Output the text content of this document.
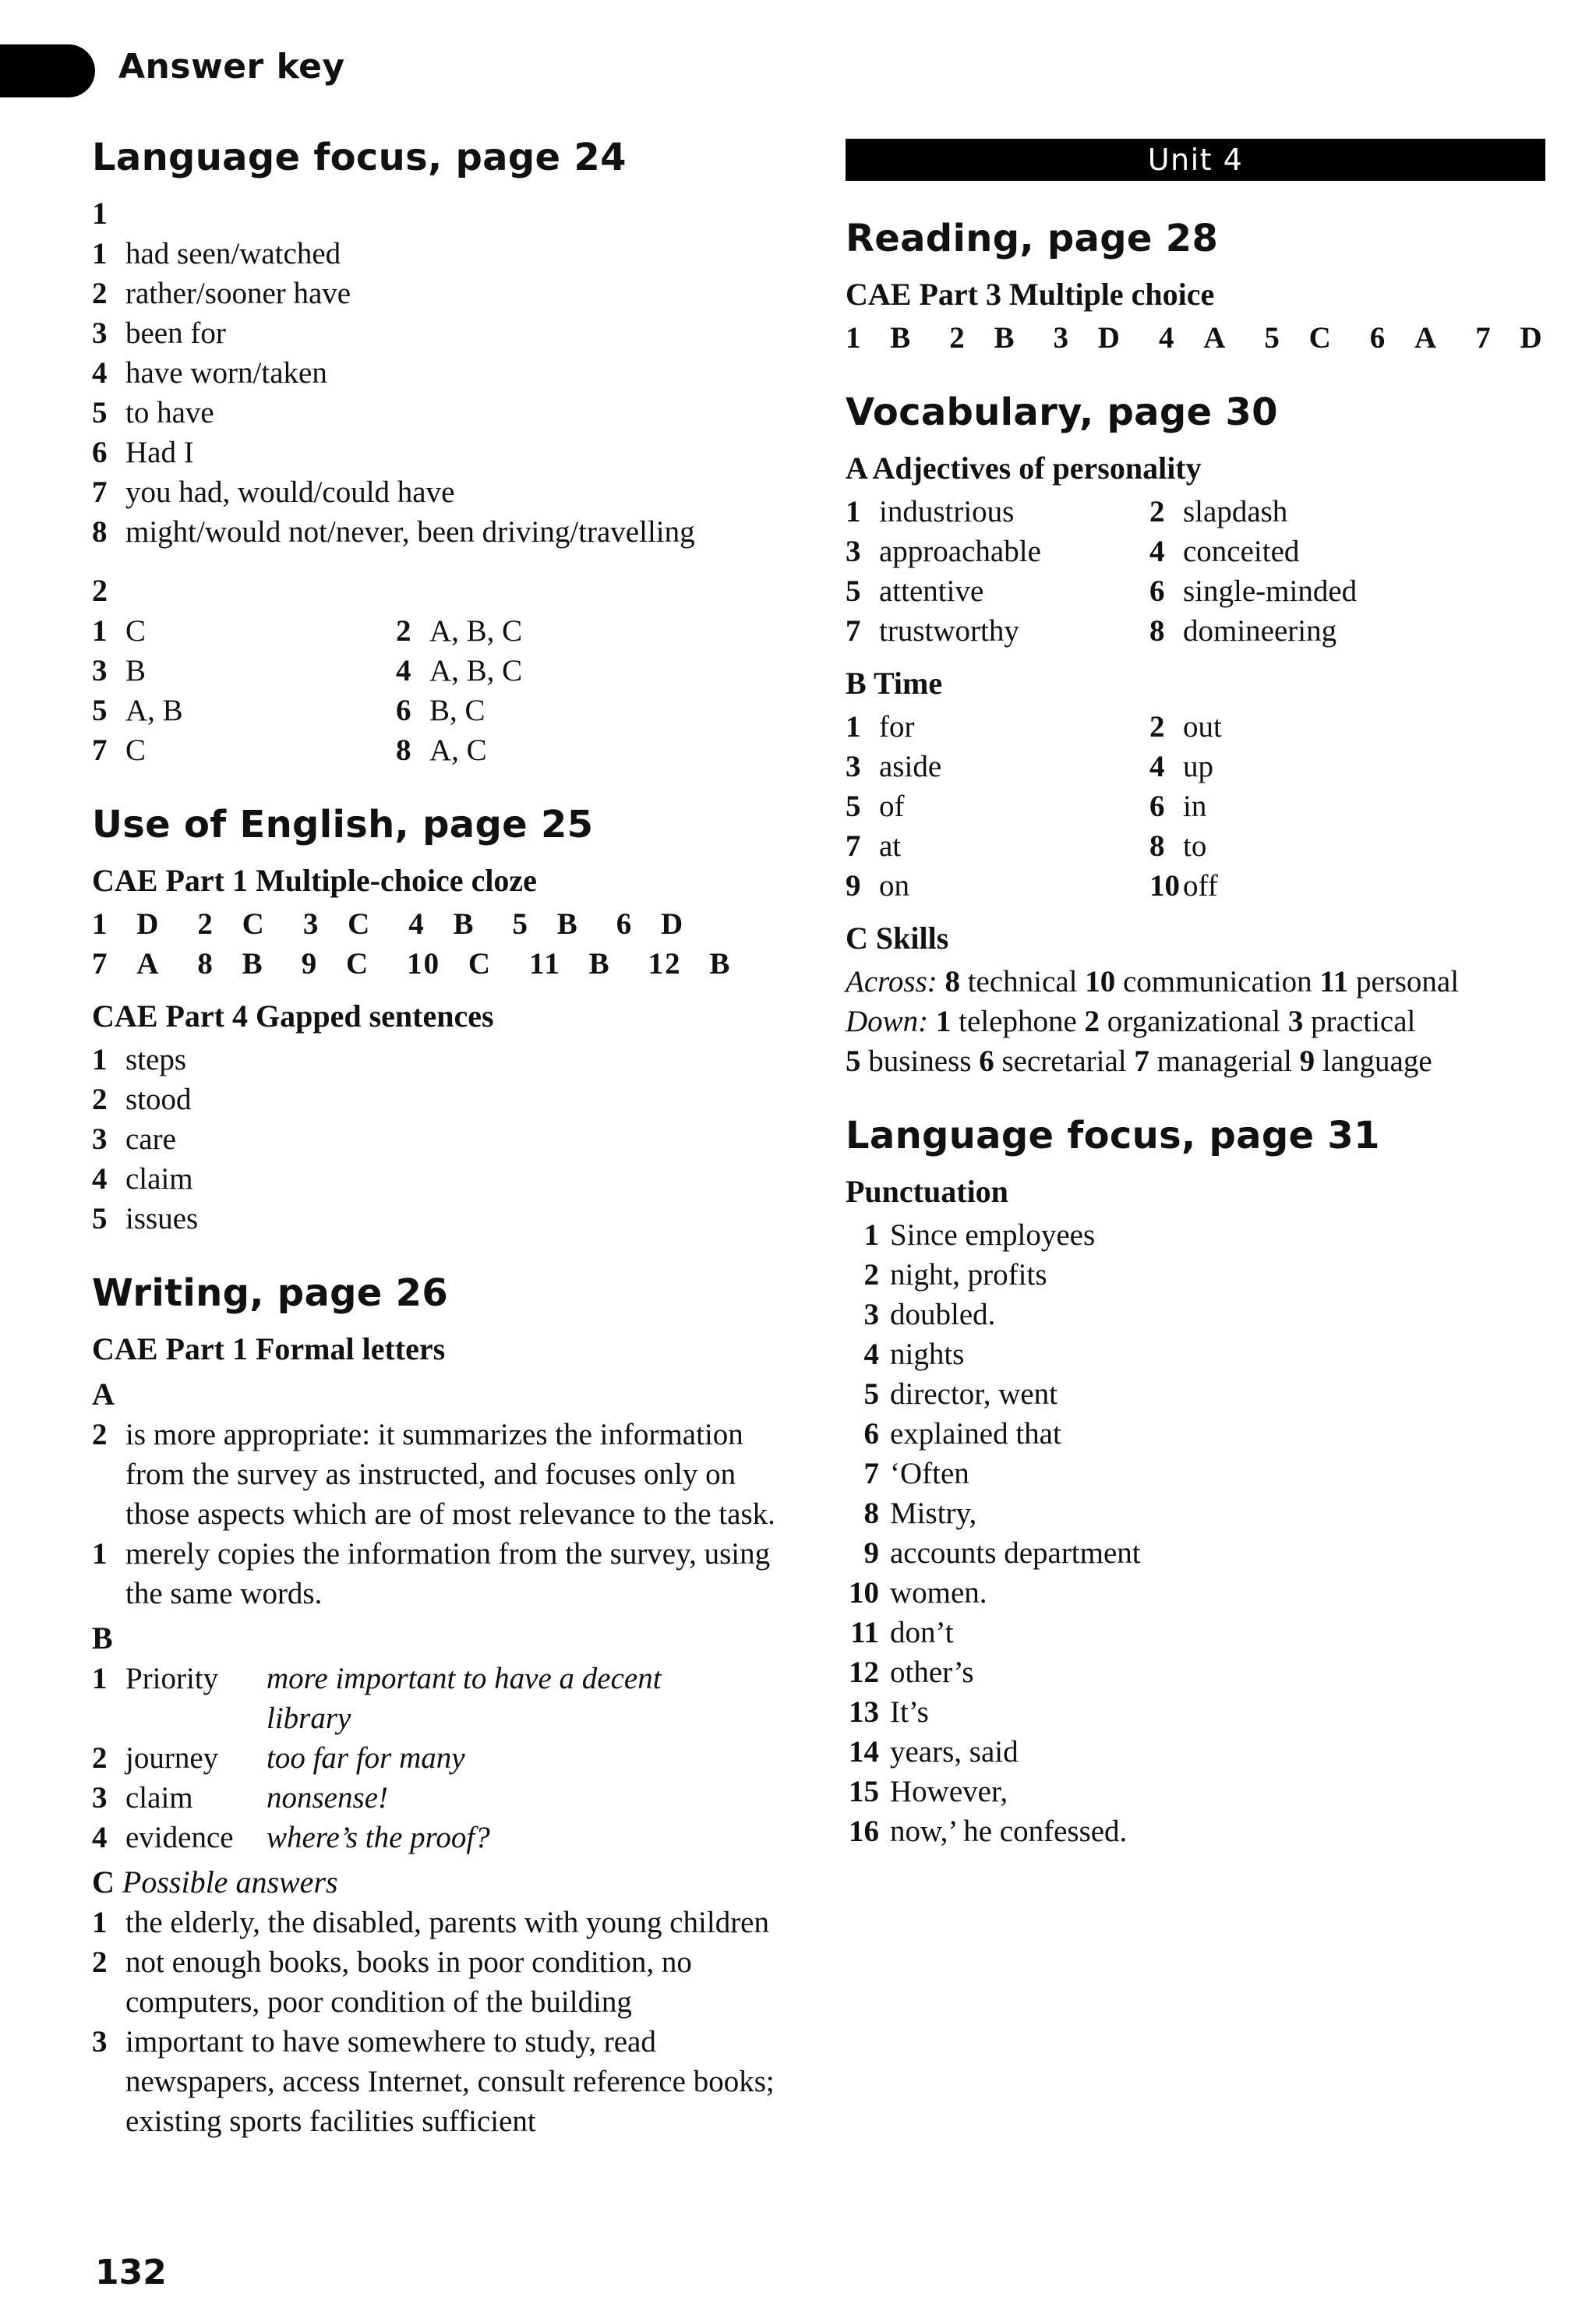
Answer key
Language focus, page 24
1
1 had seen/watched
2 rather/sooner have
3 been for
4 have worn/taken
5 to have
6 Had I
7 you had, would/could have
8 might/would not/never, been driving/travelling
2
1 C	2 A, B, C
3 B	4 A, B, C
5 A, B	6 B, C
7 C	8 A, C
Use of English, page 25
CAE Part 1 Multiple-choice cloze
1 D	2 C	3 C	4 B	5 B	6 D
7 A	8 B	9 C	10 C	11 B	12 B
CAE Part 4 Gapped sentences
1 steps
2 stood
3 care
4 claim
5 issues
Writing, page 26
CAE Part 1 Formal letters
A
2 is more appropriate: it summarizes the information from the survey as instructed, and focuses only on those aspects which are of most relevance to the task.
1 merely copies the information from the survey, using the same words.
B
1 Priority	more important to have a decent library
2 journey	too far for many
3 claim	nonsense!
4 evidence	where’s the proof?
C Possible answers
1 the elderly, the disabled, parents with young children
2 not enough books, books in poor condition, no computers, poor condition of the building
3 important to have somewhere to study, read newspapers, access Internet, consult reference books; existing sports facilities sufficient
Unit 4
Reading, page 28
CAE Part 3 Multiple choice
1 B	2 B	3 D	4 A	5 C	6 A	7 D
Vocabulary, page 30
A Adjectives of personality
1 industrious	2 slapdash
3 approachable	4 conceited
5 attentive	6 single-minded
7 trustworthy	8 domineering
B Time
1 for	2 out
3 aside	4 up
5 of	6 in
7 at	8 to
9 on	10 off
C Skills
Across: 8 technical 10 communication 11 personal
Down: 1 telephone 2 organizational 3 practical
5 business 6 secretarial 7 managerial 9 language
Language focus, page 31
Punctuation
1 Since employees
2 night, profits
3 doubled.
4 nights
5 director, went
6 explained that
7 ‘Often
8 Mistry,
9 accounts department
10 women.
11 don’t
12 other’s
13 It’s
14 years, said
15 However,
16 now,’ he confessed.
132
